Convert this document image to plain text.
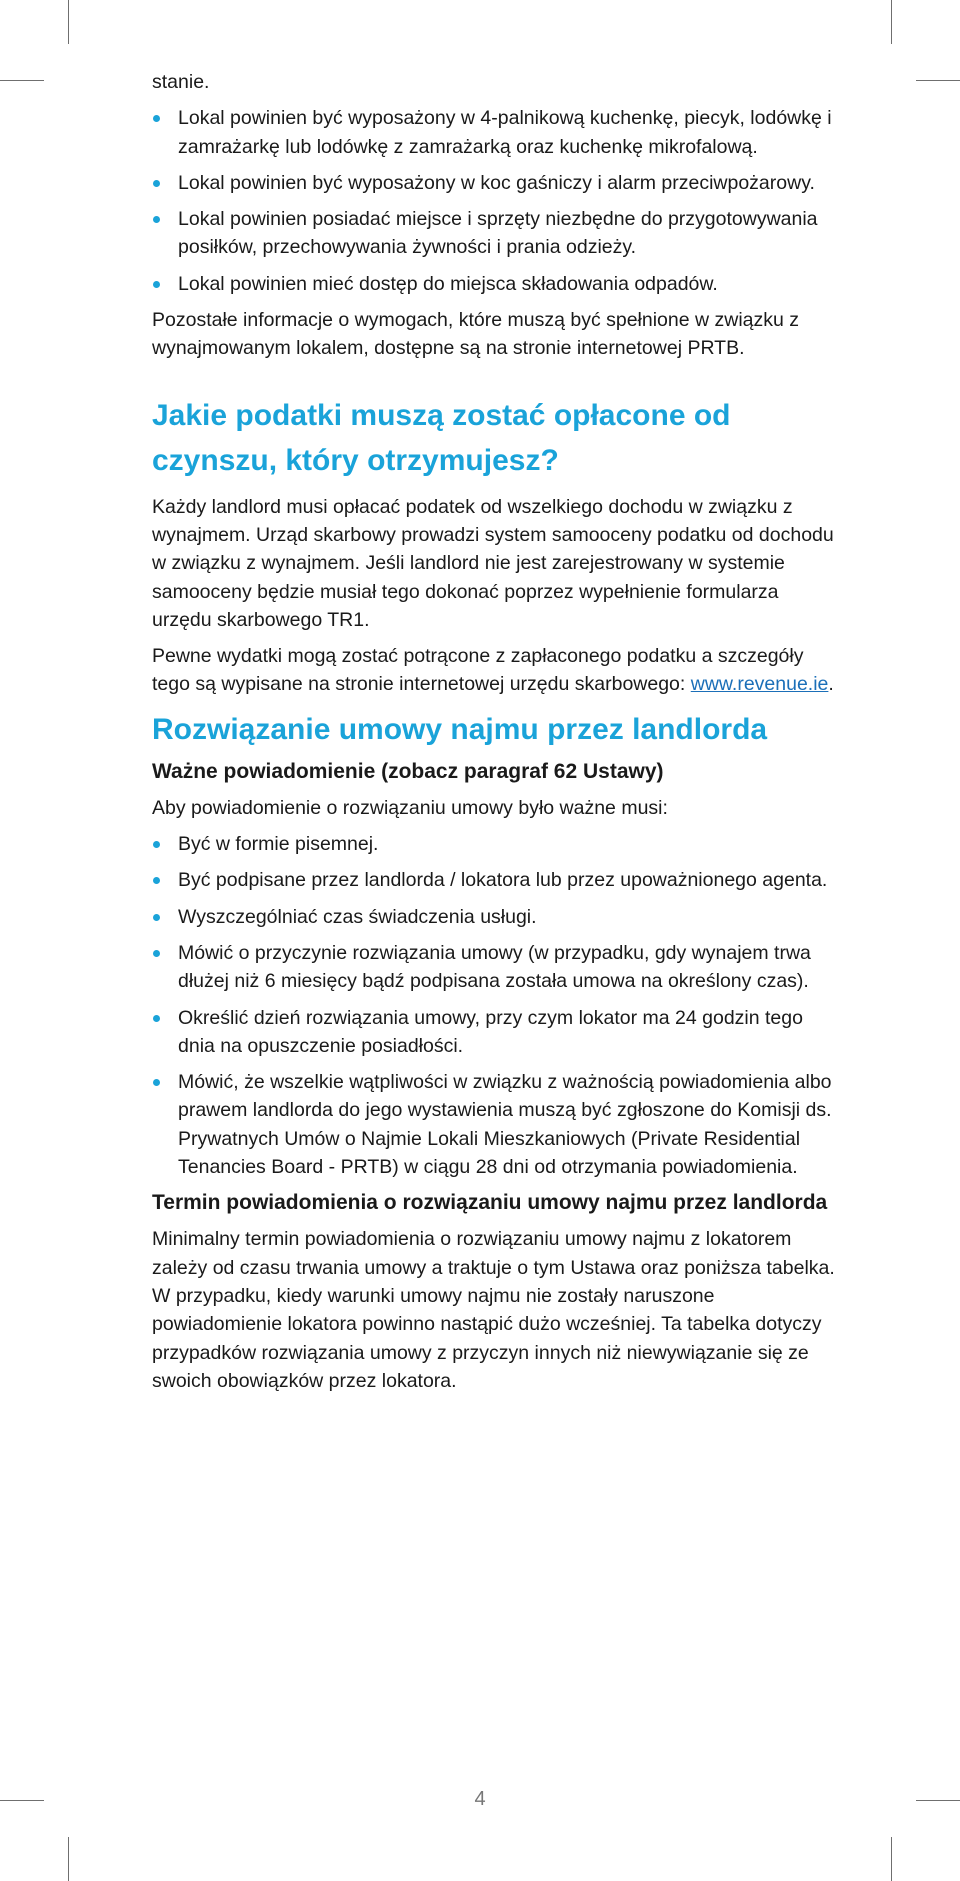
stanie.

Lokal powinien być wyposażony w 4-palnikową kuchenkę, piecyk, lodówkę i zamrażarkę lub lodówkę z zamrażarką oraz kuchenkę mikrofalową.
Lokal powinien być wyposażony w koc gaśniczy i alarm przeciwpożarowy.
Lokal powinien posiadać miejsce i sprzęty niezbędne do przygotowywania posiłków, przechowywania żywności i prania odzieży.
Lokal powinien mieć dostęp do miejsca składowania odpadów.

Pozostałe informacje o wymogach, które muszą być spełnione w związku z wynajmowanym lokalem, dostępne są na stronie internetowej PRTB.

Jakie podatki muszą zostać opłacone od czynszu, który otrzymujesz?

Każdy landlord musi opłacać podatek od wszelkiego dochodu w związku z wynajmem. Urząd skarbowy prowadzi system samooceny podatku od dochodu w związku z wynajmem. Jeśli landlord nie jest zarejestrowany w systemie samooceny będzie musiał tego dokonać poprzez wypełnienie formularza urzędu skarbowego TR1.

Pewne wydatki mogą zostać potrącone z zapłaconego podatku a szczegóły tego są wypisane na stronie internetowej urzędu skarbowego: www.revenue.ie.

Rozwiązanie umowy najmu przez landlorda
Ważne powiadomienie (zobacz paragraf 62 Ustawy)

Aby powiadomienie o rozwiązaniu umowy było ważne musi:

Być w formie pisemnej.
Być podpisane przez landlorda / lokatora lub przez upoważnionego agenta.
Wyszczególniać czas świadczenia usługi.
Mówić o przyczynie rozwiązania umowy (w przypadku, gdy wynajem trwa dłużej niż 6 miesięcy bądź podpisana została umowa na określony czas).
Określić dzień rozwiązania umowy, przy czym lokator ma 24 godzin tego dnia na opuszczenie posiadłości.
Mówić, że wszelkie wątpliwości w związku z ważnością powiadomienia albo prawem landlorda do jego wystawienia muszą być zgłoszone do Komisji ds. Prywatnych Umów o Najmie Lokali Mieszkaniowych (Private Residential Tenancies Board - PRTB) w ciągu 28 dni od otrzymania powiadomienia.
Termin powiadomienia o rozwiązaniu umowy najmu przez landlorda

Minimalny termin powiadomienia o rozwiązaniu umowy najmu z lokatorem zależy od czasu trwania umowy a traktuje o tym Ustawa oraz poniższa tabelka. W przypadku, kiedy warunki umowy najmu nie zostały naruszone powiadomienie lokatora powinno nastąpić dużo wcześniej. Ta tabelka dotyczy przypadków rozwiązania umowy z przyczyn innych niż niewywiązanie się ze swoich obowiązków przez lokatora.

4
